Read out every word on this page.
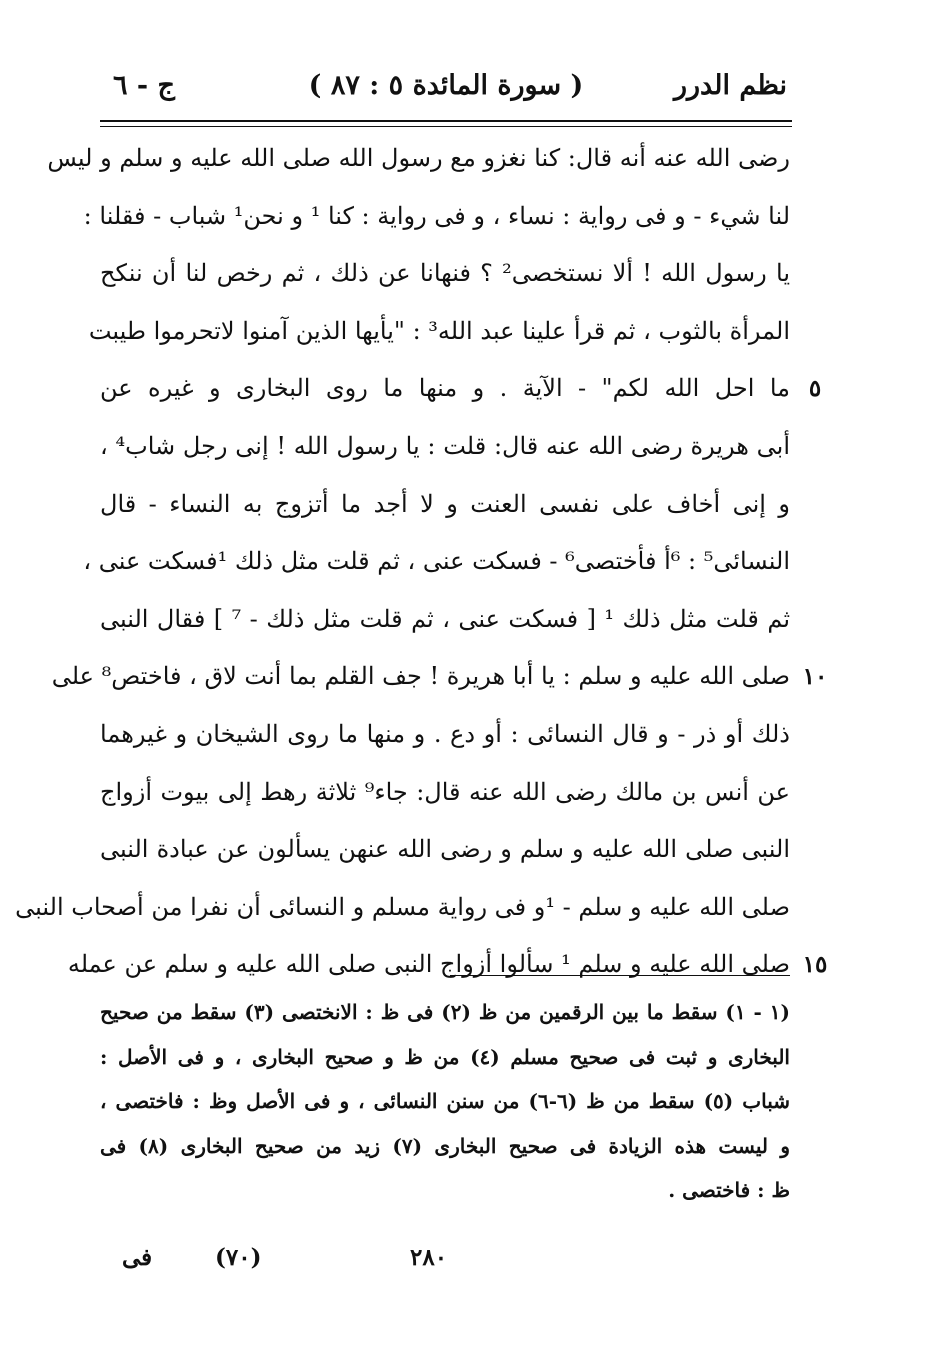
نظم الدرر
( سورة المائدة ٥ : ٨٧ )
ج - ٦
رضى الله عنه أنه قال: كنا نغزو مع رسول الله صلى الله عليه و سلم و ليس
لنا شيء - و فى رواية : نساء ، و فى رواية : كنا ¹ و نحن¹ شباب - فقلنا :
يا رسول الله ! ألا نستخصى² ؟ فنهانا عن ذلك ، ثم رخص لنا أن ننكح
المرأة بالثوب ، ثم قرأ علينا عبد الله³ : "يأيها الذين آمنوا لاتحرموا طيبت
٥
ما احل الله لكم" - الآية . و منها ما روى البخارى و غيره عن
أبى هريرة رضى الله عنه قال: قلت : يا رسول الله ! إنى رجل شاب⁴ ،
و إنى أخاف على نفسى العنت و لا أجد ما أتزوج به النساء - قال
النسائى⁵ : ⁶أ فأختصى⁶ - فسكت عنى ، ثم قلت مثل ذلك ¹فسكت عنى ،
ثم قلت مثل ذلك ¹ [ فسكت عنى ، ثم قلت مثل ذلك - ⁷ ] فقال النبى
١٠
صلى الله عليه و سلم : يا أبا هريرة ! جف القلم بما أنت لاق ، فاختص⁸ على
ذلك أو ذر - و قال النسائى : أو دع . و منها ما روى الشيخان و غيرهما
عن أنس بن مالك رضى الله عنه قال: جاء⁹ ثلاثة رهط إلى بيوت أزواج
النبى صلى الله عليه و سلم و رضى الله عنهن يسألون عن عبادة النبى
صلى الله عليه و سلم - ¹و فى رواية مسلم و النسائى أن نفرا من أصحاب النبى
١٥
صلى الله عليه و سلم ¹ سألوا أزواج النبى صلى الله عليه و سلم عن عمله
(١ - ١) سقط ما بين الرقمين من ظ (٢) فى ظ : الانختصى (٣) سقط من صحيح
البخارى و ثبت فى صحيح مسلم (٤) من ظ و صحيح البخارى ، و فى الأصل :
شباب (٥) سقط من ظ (٦-٦) من سنن النسائى ، و فى الأصل وظ : فاختصى ،
و ليست هذه الزيادة فى صحيح البخارى (٧) زيد من صحيح البخارى (٨) فى
ظ : فاختصى .
٢٨٠
(٧٠)
فى
